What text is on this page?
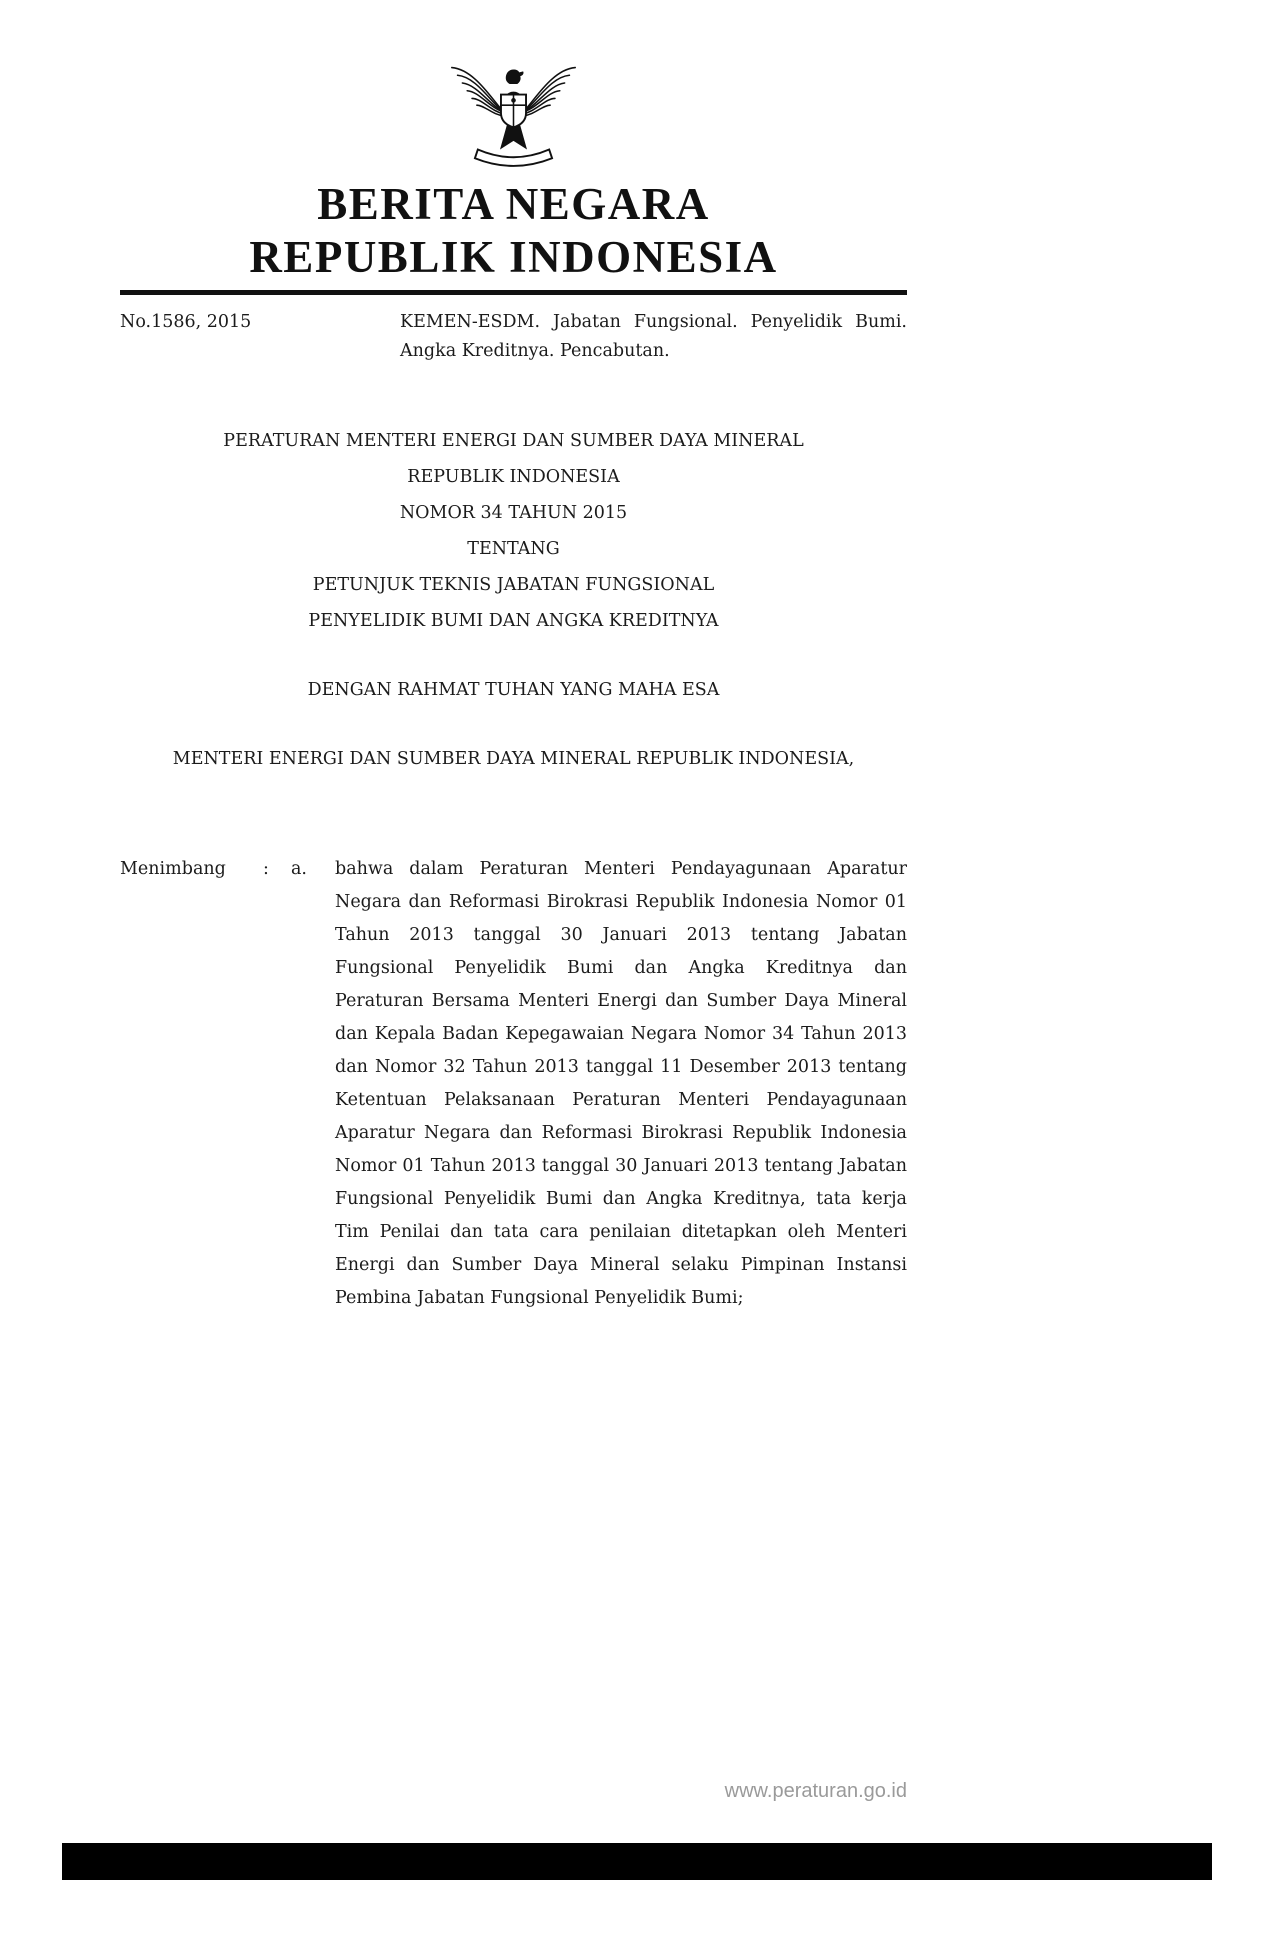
BERITA NEGARA
REPUBLIK INDONESIA
No.1586, 2015	KEMEN-ESDM. Jabatan Fungsional. Penyelidik Bumi. Angka Kreditnya. Pencabutan.
PERATURAN MENTERI ENERGI DAN SUMBER DAYA MINERAL
REPUBLIK INDONESIA
NOMOR 34 TAHUN 2015
TENTANG
PETUNJUK TEKNIS JABATAN FUNGSIONAL
PENYELIDIK BUMI DAN ANGKA KREDITNYA
DENGAN RAHMAT TUHAN YANG MAHA ESA
MENTERI ENERGI DAN SUMBER DAYA MINERAL REPUBLIK INDONESIA,
Menimbang	:	a.	bahwa dalam Peraturan Menteri Pendayagunaan Aparatur Negara dan Reformasi Birokrasi Republik Indonesia Nomor 01 Tahun 2013 tanggal 30 Januari 2013 tentang Jabatan Fungsional Penyelidik Bumi dan Angka Kreditnya dan Peraturan Bersama Menteri Energi dan Sumber Daya Mineral dan Kepala Badan Kepegawaian Negara Nomor 34 Tahun 2013 dan Nomor 32 Tahun 2013 tanggal 11 Desember 2013 tentang Ketentuan Pelaksanaan Peraturan Menteri Pendayagunaan Aparatur Negara dan Reformasi Birokrasi Republik Indonesia Nomor 01 Tahun 2013 tanggal 30 Januari 2013 tentang Jabatan Fungsional Penyelidik Bumi dan Angka Kreditnya, tata kerja Tim Penilai dan tata cara penilaian ditetapkan oleh Menteri Energi dan Sumber Daya Mineral selaku Pimpinan Instansi Pembina Jabatan Fungsional Penyelidik Bumi;
www.peraturan.go.id
